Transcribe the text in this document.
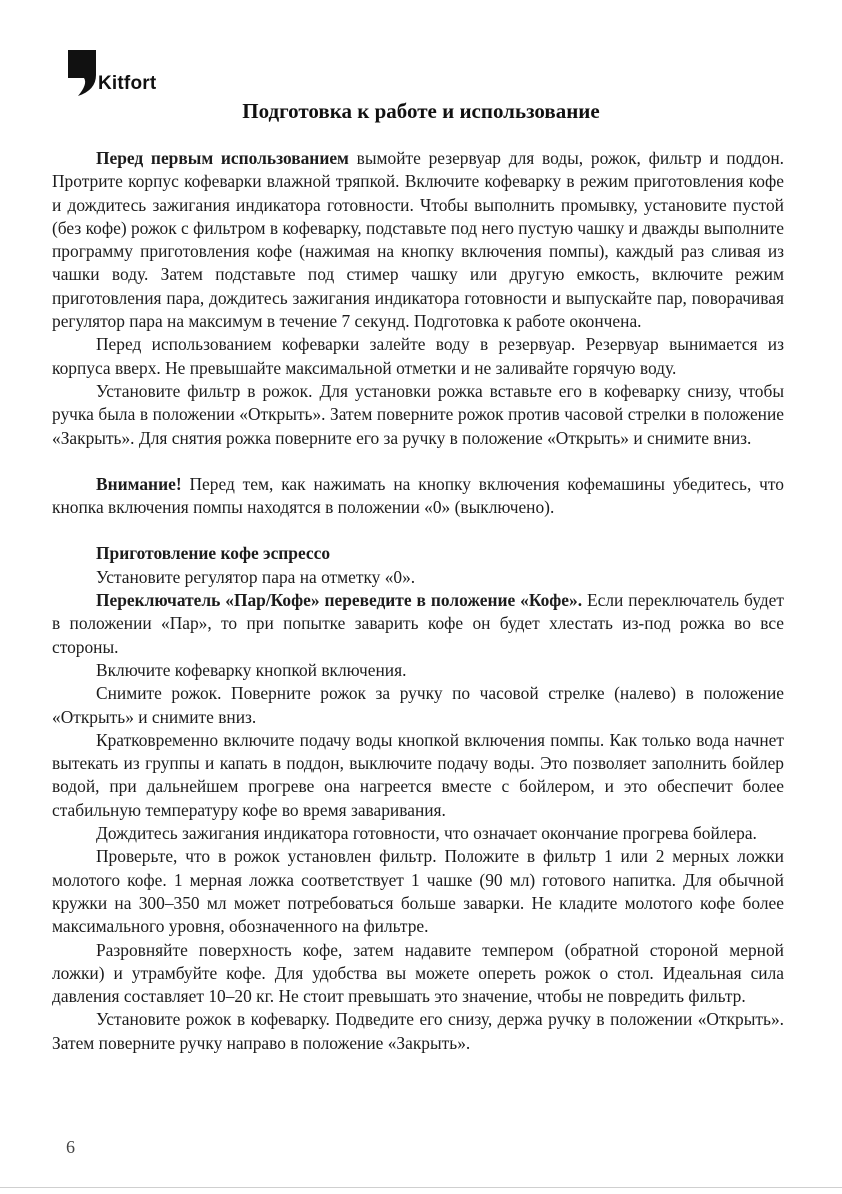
Kitfort
Подготовка к работе и использование

Перед первым использованием вымойте резервуар для воды, рожок, фильтр и поддон. Протрите корпус кофеварки влажной тряпкой. Включите кофеварку в режим приготовления кофе и дождитесь зажигания индикатора готовности. Чтобы выполнить промывку, установите пустой (без кофе) рожок с фильтром в кофеварку, подставьте под него пустую чашку и дважды выполните программу приготовления кофе (нажимая на кнопку включения помпы), каждый раз сливая из чашки воду. Затем подставьте под стимер чашку или другую емкость, включите режим приготовления пара, дождитесь зажигания индикатора готовности и выпускайте пар, поворачивая регулятор пара на максимум в течение 7 секунд. Подготовка к работе окончена.

Перед использованием кофеварки залейте воду в резервуар. Резервуар вынимается из корпуса вверх. Не превышайте максимальной отметки и не заливайте горячую воду.

Установите фильтр в рожок. Для установки рожка вставьте его в кофеварку снизу, чтобы ручка была в положении «Открыть». Затем поверните рожок против часовой стрелки в положение «Закрыть». Для снятия рожка поверните его за ручку в положение «Открыть» и снимите вниз.

Внимание! Перед тем, как нажимать на кнопку включения кофемашины убедитесь, что кнопка включения помпы находятся в положении «0» (выключено).

Приготовление кофе эспрессо

Установите регулятор пара на отметку «0».

Переключатель «Пар/Кофе» переведите в положение «Кофе». Если переключатель будет в положении «Пар», то при попытке заварить кофе он будет хлестать из-под рожка во все стороны.

Включите кофеварку кнопкой включения.

Снимите рожок. Поверните рожок за ручку по часовой стрелке (налево) в положение «Открыть» и снимите вниз.

Кратковременно включите подачу воды кнопкой включения помпы. Как только вода начнет вытекать из группы и капать в поддон, выключите подачу воды. Это позволяет заполнить бойлер водой, при дальнейшем прогреве она нагреется вместе с бойлером, и это обеспечит более стабильную температуру кофе во время заваривания.

Дождитесь зажигания индикатора готовности, что означает окончание прогрева бойлера.

Проверьте, что в рожок установлен фильтр. Положите в фильтр 1 или 2 мерных ложки молотого кофе. 1 мерная ложка соответствует 1 чашке (90 мл) готового напитка. Для обычной кружки на 300–350 мл может потребоваться больше заварки. Не кладите молотого кофе более максимального уровня, обозначенного на фильтре.

Разровняйте поверхность кофе, затем надавите темпером (обратной стороной мерной ложки) и утрамбуйте кофе. Для удобства вы можете опереть рожок о стол. Идеальная сила давления составляет 10–20 кг. Не стоит превышать это значение, чтобы не повредить фильтр.

Установите рожок в кофеварку. Подведите его снизу, держа ручку в положении «Открыть». Затем поверните ручку направо в положение «Закрыть».

6
